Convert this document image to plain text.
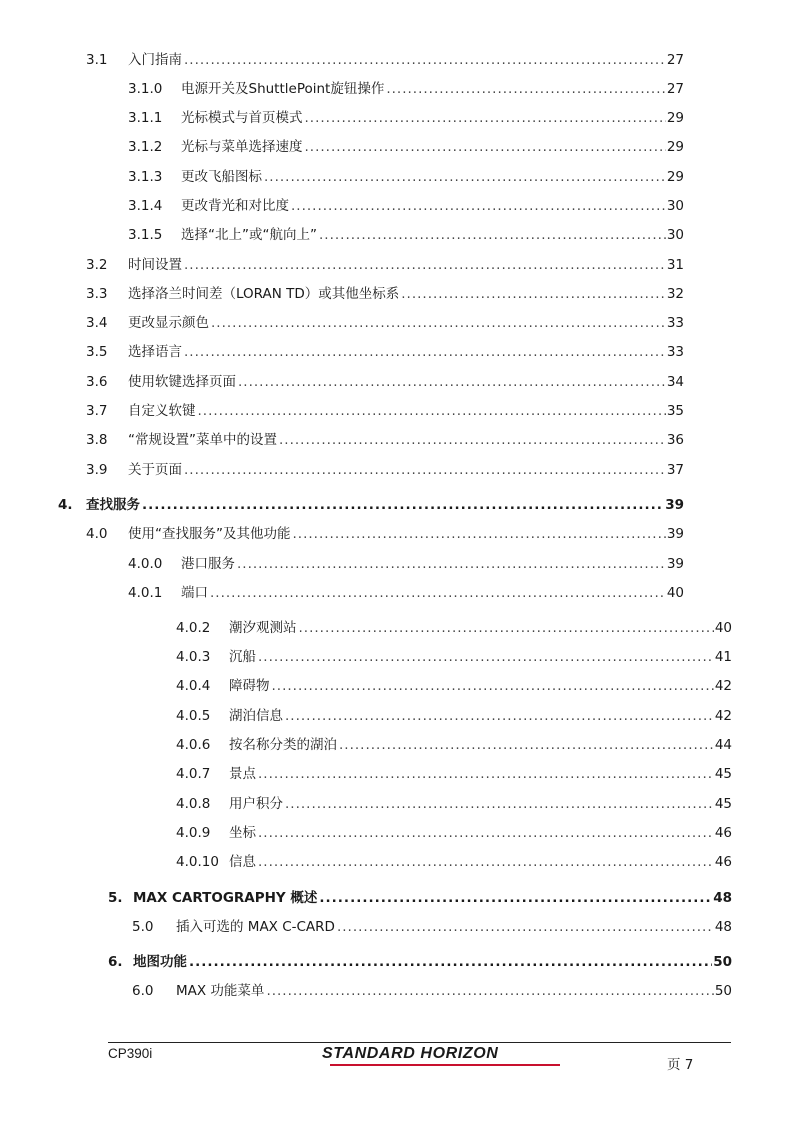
3.1	入门指南 .....	27
3.1.0	电源开关及ShuttlePoint旋钮操作 .....	27
3.1.1	光标模式与首页模式 .....	29
3.1.2	光标与菜单选择速度 .....	29
3.1.3	更改飞船图标 .....	29
3.1.4	更改背光和对比度 .....	30
3.1.5	选择“北上”或“航向上” .....	30
3.2	时间设置 .....	31
3.3	选择洛兰时间差（LORAN TD）或其他坐标系 .....	32
3.4	更改显示颜色 .....	33
3.5	选择语言 .....	33
3.6	使用软键选择页面 .....	34
3.7	自定义软键 .....	35
3.8	“常规设置”菜单中的设置 .....	36
3.9	关于页面 .....	37
4. 查找服务 .....	39
4.0	使用“查找服务”及其他功能 .....	39
4.0.0	港口服务 .....	39
4.0.1	端口 .....	40
4.0.2	潮汐观测站 .....	40
4.0.3	沉船 .....	41
4.0.4	障碍物 .....	42
4.0.5	湖泊信息 .....	42
4.0.6	按名称分类的湖泊 .....	44
4.0.7	景点 .....	45
4.0.8	用户积分 .....	45
4.0.9	坐标 .....	46
4.0.10 信息 .....	46
5. MAX CARTOGRAPHY 概述 .....	48
5.0	插入可选的 MAX C-CARD .....	48
6. 地图功能 .....	50
6.0	MAX 功能菜单 .....	50
CP390i	STANDARD HORIZON
页 7
